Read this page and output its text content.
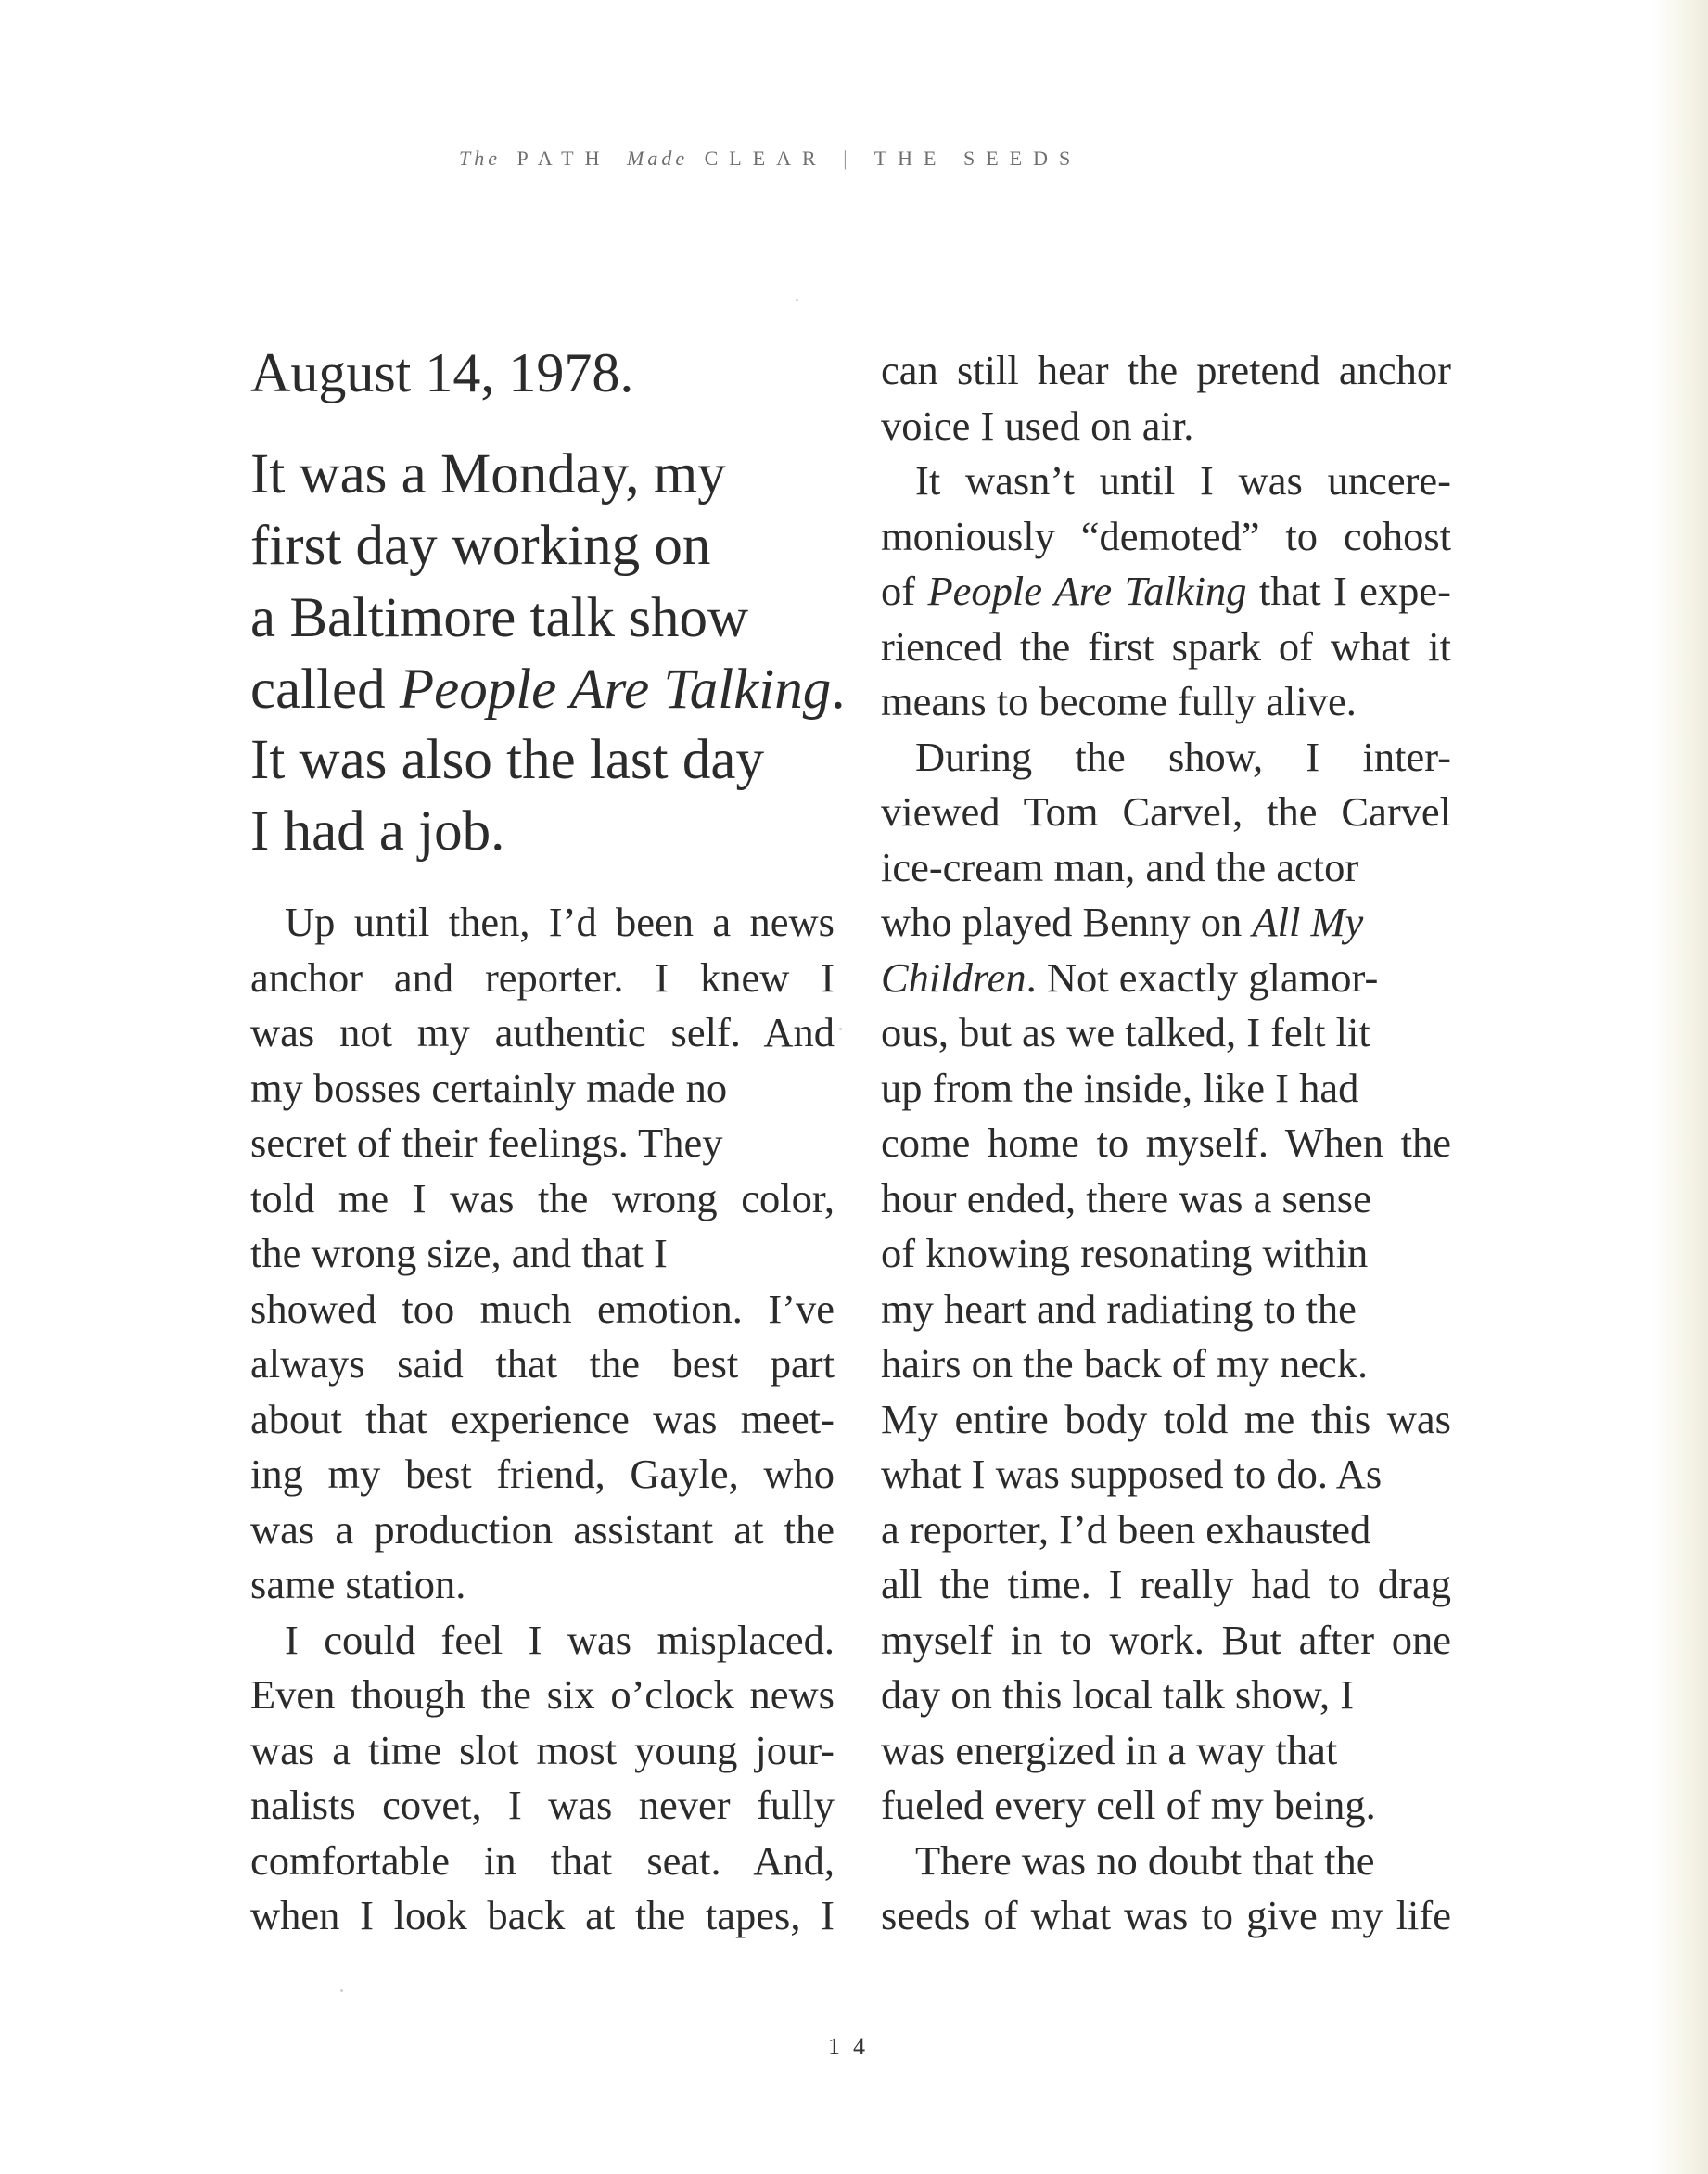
The PATH Made CLEAR | THE SEEDS
August 14, 1978.
It was a Monday, my
first day working on
a Baltimore talk show
called People Are Talking.
It was also the last day
I had a job.
Up until then, I’d been a news
anchor and reporter. I knew I
was not my authentic self. And
my bosses certainly made no
secret of their feelings. They
told me I was the wrong color,
the wrong size, and that I
showed too much emotion. I’ve
always said that the best part
about that experience was meet-
ing my best friend, Gayle, who
was a production assistant at the
same station.
I could feel I was misplaced.
Even though the six o’clock news
was a time slot most young jour-
nalists covet, I was never fully
comfortable in that seat. And,
when I look back at the tapes, I
can still hear the pretend anchor
voice I used on air.
It wasn’t until I was uncere-
moniously “demoted” to cohost
of People Are Talking that I expe-
rienced the first spark of what it
means to become fully alive.
During the show, I inter-
viewed Tom Carvel, the Carvel
ice-cream man, and the actor
who played Benny on All My
Children. Not exactly glamor-
ous, but as we talked, I felt lit
up from the inside, like I had
come home to myself. When the
hour ended, there was a sense
of knowing resonating within
my heart and radiating to the
hairs on the back of my neck.
My entire body told me this was
what I was supposed to do. As
a reporter, I’d been exhausted
all the time. I really had to drag
myself in to work. But after one
day on this local talk show, I
was energized in a way that
fueled every cell of my being.
There was no doubt that the
seeds of what was to give my life
14
